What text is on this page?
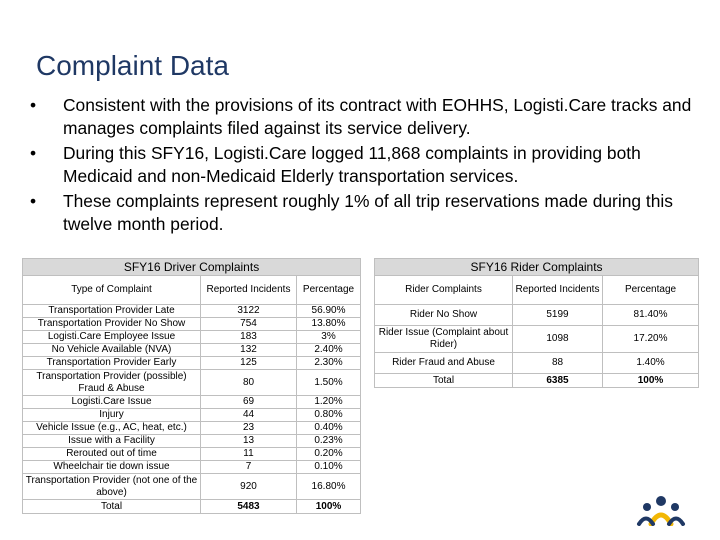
Complaint Data
• Consistent with the provisions of its contract with EOHHS, Logisti.Care tracks and manages complaints filed against its service delivery.
• During this SFY16, Logisti.Care logged 11,868 complaints in providing both Medicaid and non-Medicaid Elderly transportation services.
• These complaints represent roughly 1% of all trip reservations made during this twelve month period.
SFY16 Driver Complaints		
Type of Complaint	Reported Incidents	Percentage
Transportation Provider Late	3122	56.90%
Transportation Provider No Show	754	13.80%
Logisti.Care Employee Issue	183	3%
No Vehicle Available (NVA)	132	2.40%
Transportation Provider Early	125	2.30%
Transportation Provider (possible) Fraud & Abuse	80	1.50%
Logisti.Care Issue	69	1.20%
Injury	44	0.80%
Vehicle Issue (e.g., AC, heat, etc.)	23	0.40%
Issue with a Facility	13	0.23%
Rerouted out of time	11	0.20%
Wheelchair tie down issue	7	0.10%
Transportation Provider (not one of the above)	920	16.80%
Total	5483	100%
SFY16 Rider Complaints		
Rider Complaints	Reported Incidents	Percentage
Rider No Show	5199	81.40%
Rider Issue (Complaint about Rider)	1098	17.20%
Rider Fraud and Abuse	88	1.40%
Total	6385	100%
